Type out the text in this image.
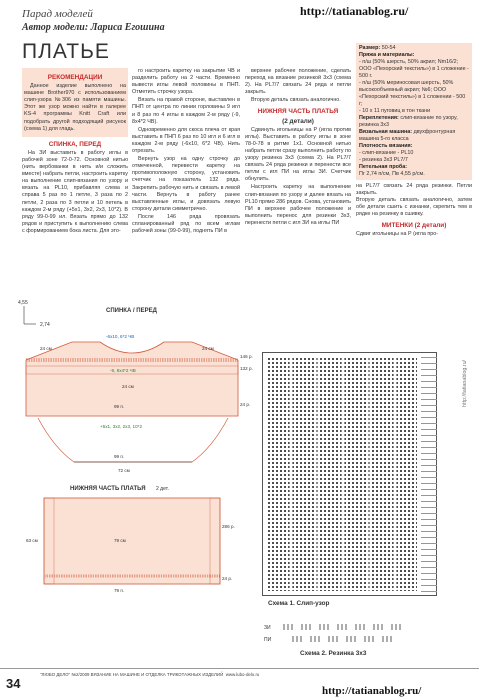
Парад моделей
Автор модели: Лариса Егошина
http://tatianablog.ru/
ПЛАТЬЕ

РЕКОМЕНДАЦИИ

Данное изделие выполнено на машине Brother970 с использованием слип-узора №306 из памяти машины. Этот же узор можно найти в галерее KS-4 программы Knitt Craft или подобрать другой подходящий рисунок (схема 1) для гладь.

СПИНКА, ПЕРЕД

На ЗИ выставить в работу иглы в рабочей зоне 72-0-72. Основной нитью (нить вербованки в нить и/и сложить вместе) набрать петли, настроить каретку на выполнение слип-вязания по узору и вязать на PL10, прибавляя слева и справа 5 раз по 1 петле, 3 раза по 2 петли, 2 раза по 3 петли и 10 петель в каждом 2-м ряду (+5x1, 3x2, 2x3, 10*2). В ряду 99-0-99 ил. Вязать прямо до 132 рядов и приступить к выполнению слева с формированием бока листа. Для это-

го настроить каретку на закрытие ЧВ и разделить работу на 2 части. Временно вывести иглы левой половины в ПНП. Отметить строчку узора.

Вязать на правой стороне, выставлен в ПНП от центра по линии горловины 9 игл и 8 раз по 4 иглы в каждом 2-м ряду (-9, 8x4*2 ЧВ).

Одновременно для скоса плеча от края выставить в ПНП 6 раз по 10 игл и 6 игл в каждом 2-м ряду (-6x10, 6*2 ЧВ). Нить отрезать.

Вернуть узор на одну строчку до отмеченной, перевести каретку на противоположную сторону, установить счетчик на показатель 132 ряда. Закрепить рабочую нить и связать в левой части. Вернуть в работу ранее выставленные иглы, и довязать левую сторону детали симметрично.

После 146 ряда провязать спланированный ряд по всем иглам рабочей зоны (99-0-99), поднять ПИ в

верхнее рабочее положение, сделать переход на вязание резинкой 3x3 (схема 2). На PL7/7 связать 24 ряда и петли закрыть.

Вторую деталь связать аналогично.

НИЖНЯЯ ЧАСТЬ ПЛАТЬЯ

(2 детали)

Сдвинуть игольницы на Р (игла против иглы). Выставить в работу иглы в зоне 78-0-78 в ритме 1x1. Основной нитью набрать петли сразу выполнить работу по узору резинка 3x3 (схема 2). На PL7/7 связать 24 ряда резинки и перенести все петли с игл ПИ на иглы ЗИ. Счетчик обнулить.

Настроить каретку на выполнение слип-вязания по узору и далее вязать на PL10 прямо 286 рядов. Снова, установить ПИ в верхнее рабочее положение и выполнить перенос для резинки 3x3, перенести петли с игл ЗИ на иглы ПИ

Размер: 50-54
Пряжа и материалы:
- п/ш (50% шерсть, 50% акрил; Nm16/2; ООО «Пехорский текстиль») в 1 сложение - 500 г.
- п/ш (50% мериносовая шерсть, 50% высокообъемный акрил; №6; ООО «Пехорский текстиль») в 1 сложении - 500 г;
- 10 x 11 пуговиц в тон ткани
Переплетения: слип-вязание по узору, резинка 3x3
Вязальная машина: двухфронтурная машина 5-го класса
Плотность вязания:
- слип-вязание - PL10
- резинка 3x3 PL7/7
Петельная проба:
Пг 2,74 п/см, Пв 4,55 р/см.

на PL7/7 связать 24 ряда резинки. Петли закрыть.

Вторую деталь связать аналогично, затем обе детали сшить с изнанки, скрепить тем в рядке на резинку в сшивку.

МИТЕНКИ (2 детали)

Сдвиг игольницы на Р (игла про-

4,55
2,74
СПИНКА / ПЕРЕД
-6x10, 6*2 ЧВ
-9, 8x4*2 ЧВ
+5x1, 3x2, 2x3, 10*2
24 см
24 см
24 см
99 п.
99 п.
72 см
146 р.
132 р.
24 р.
НИЖНЯЯ ЧАСТЬ ПЛАТЬЯ 2 дет.
79 см
79 п.
286 р.
24 р.
63 см
Схема 1. Слип-узор
ЗИ
ПИ
Схема 2. Резинка 3x3
http://tatianablog.ru/
34
"ЛЮБО ДЕЛО" №2/2009 ВЯЗАНИЕ НА МАШИНЕ И ОТДЕЛКА ТРИКОТАЖНЫХ ИЗДЕЛИЙ www.lubo-delo.ru
http://tatianablog.ru/
